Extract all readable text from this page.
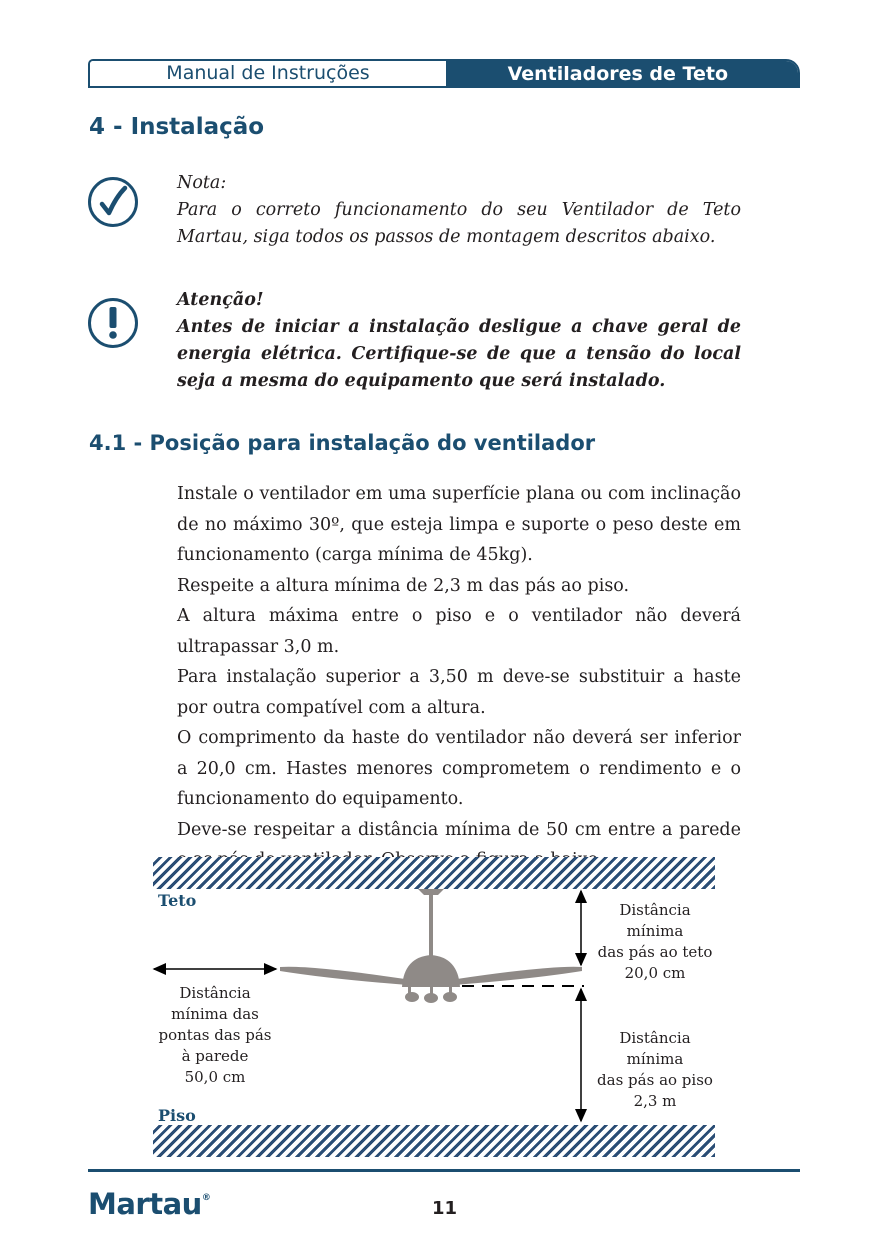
Manual de Instruções	Ventiladores de Teto
4 - Instalação

Nota:

Para o correto funcionamento do seu Ventilador de Teto Martau, siga todos os passos de montagem descritos abaixo.

Atenção!

Antes de iniciar a instalação desligue a chave geral de energia elétrica. Certifique-se de que a tensão do local seja a mesma do equipamento que será instalado.

4.1 - Posição para instalação do ventilador

Instale o ventilador em uma superfície plana ou com inclinação de no máximo 30º, que esteja limpa e suporte o peso deste em funcionamento (carga mínima de 45kg).

Respeite a altura mínima de 2,3 m das pás ao piso.

A altura máxima entre o piso e o ventilador não deverá ultrapassar 3,0 m.

Para instalação superior a 3,50 m deve-se substituir a haste por outra compatível com a altura.

O comprimento da haste do ventilador não deverá ser inferior a 20,0 cm. Hastes menores comprometem o rendimento e o funcionamento do equipamento.

Deve-se respeitar a distância mínima de 50 cm entre a parede

Teto
Piso
Distância
mínima das
pontas das pás
à parede
50,0 cm
Distância mínima
das pás ao teto
20,0 cm
Distância mínima
das pás ao piso
2,3 m
Martau®	11
